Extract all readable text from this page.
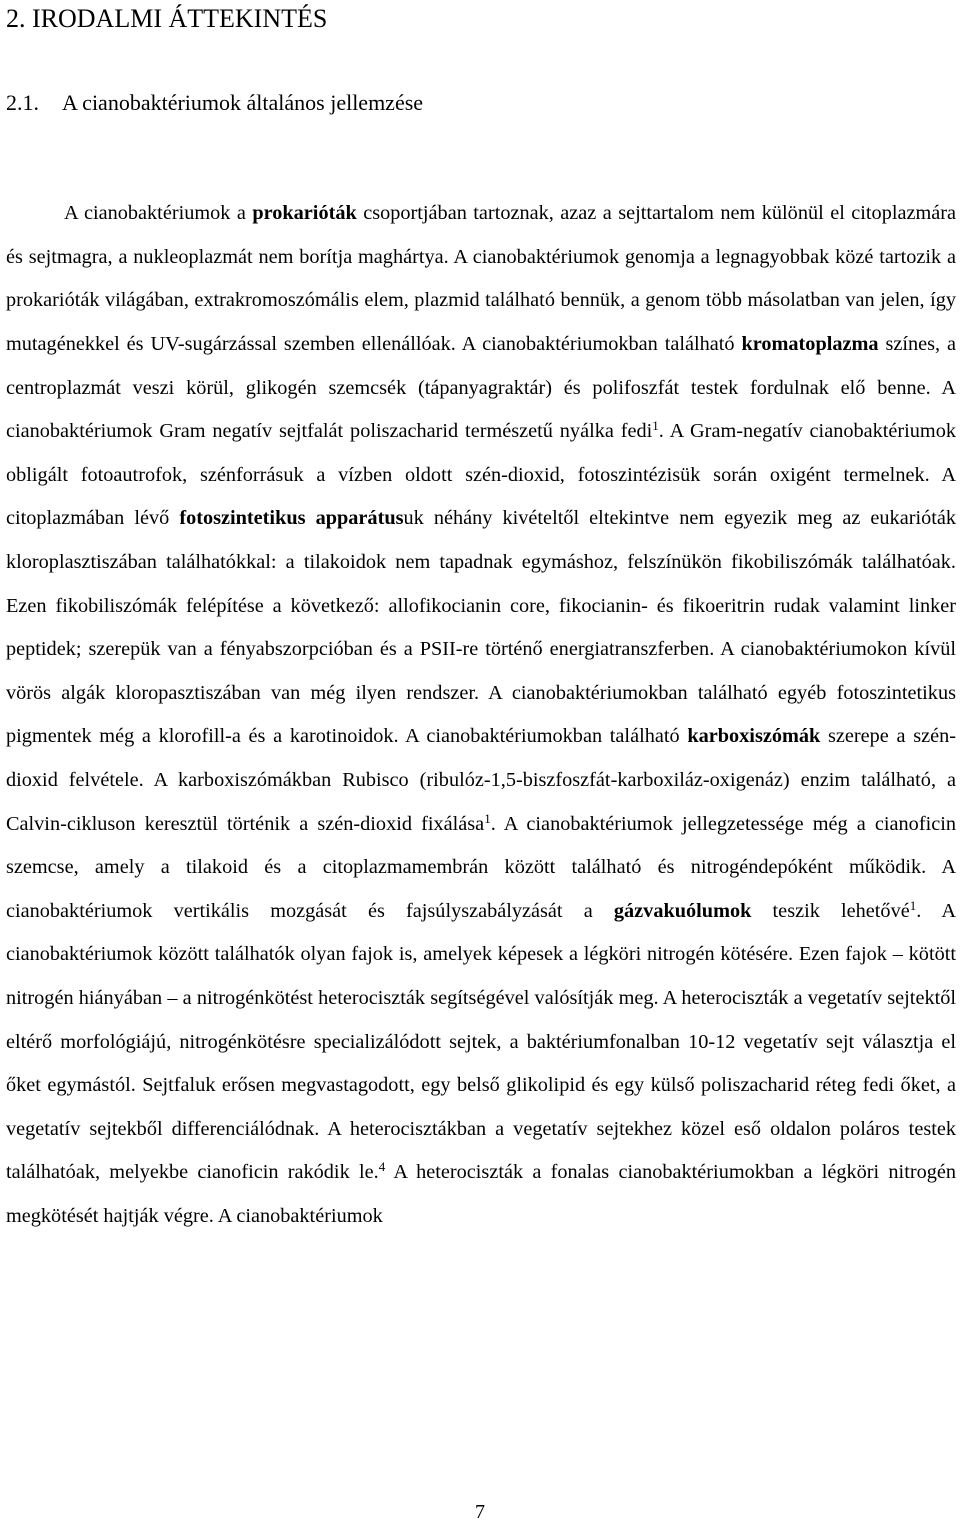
2. IRODALMI ÁTTEKINTÉS
2.1. A cianobaktériumok általános jellemzése

A cianobaktériumok a prokarióták csoportjában tartoznak, azaz a sejttartalom nem különül el citoplazmára és sejtmagra, a nukleoplazmát nem borítja maghártya. A cianobaktériumok genomja a legnagyobbak közé tartozik a prokarióták világában, extrakromoszómális elem, plazmid található bennük, a genom több másolatban van jelen, így mutagénekkel és UV-sugárzással szemben ellenállóak. A cianobaktériumokban található kromatoplazma színes, a centroplazmát veszi körül, glikogén szemcsék (tápanyagraktár) és polifoszfát testek fordulnak elő benne. A cianobaktériumok Gram negatív sejtfalát poliszacharid természetű nyálka fedi$^1$. A Gram-negatív cianobaktériumok obligált fotoautrofok, szénforrásuk a vízben oldott szén-dioxid, fotoszintézisük során oxigént termelnek. A citoplazmában lévő fotoszintetikus apparátusuk néhány kivételtől eltekintve nem egyezik meg az eukarióták kloroplasztiszában találhatókkal: a tilakoidok nem tapadnak egymáshoz, felszínükön fikobiliszómák találhatóak. Ezen fikobiliszómák felépítése a következő: allofikocianin core, fikocianin- és fikoeritrin rudak valamint linker peptidek; szerepük van a fényabszorpcióban és a PSII-re történő energiatranszferben. A cianobaktériumokon kívül vörös algák kloropasztiszában van még ilyen rendszer. A cianobaktériumokban található egyéb fotoszintetikus pigmentek még a klorofill-a és a karotinoidok. A cianobaktériumokban található karboxiszómák szerepe a szén-dioxid felvétele. A karboxiszómákban Rubisco (ribulóz-1,5-biszfoszfát-karboxiláz-oxigenáz) enzim található, a Calvin-cikluson keresztül történik a szén-dioxid fixálása$^1$. A cianobaktériumok jellegzetessége még a cianoficin szemcse, amely a tilakoid és a citoplazmamembrán között található és nitrogéndepóként működik. A cianobaktériumok vertikális mozgását és fajsúlyszabályzását a gázvakuólumok teszik lehetővé$^1$. A cianobaktériumok között találhatók olyan fajok is, amelyek képesek a légköri nitrogén kötésére. Ezen fajok – kötött nitrogén hiányában – a nitrogénkötést heterociszták segítségével valósítják meg. A heterociszták a vegetatív sejtektől eltérő morfológiájú, nitrogénkötésre specializálódott sejtek, a baktériumfonalban 10-12 vegetatív sejt választja el őket egymástól. Sejtfaluk erősen megvastagodott, egy belső glikolipid és egy külső poliszacharid réteg fedi őket, a vegetatív sejtekből differenciálódnak. A heterocisztákban a vegetatív sejtekhez közel eső oldalon poláros testek találhatóak, melyekbe cianoficin rakódik le.$^4$ A heterociszták a fonalas cianobaktériumokban a légköri nitrogén megkötését hajtják végre. A cianobaktériumok

7
